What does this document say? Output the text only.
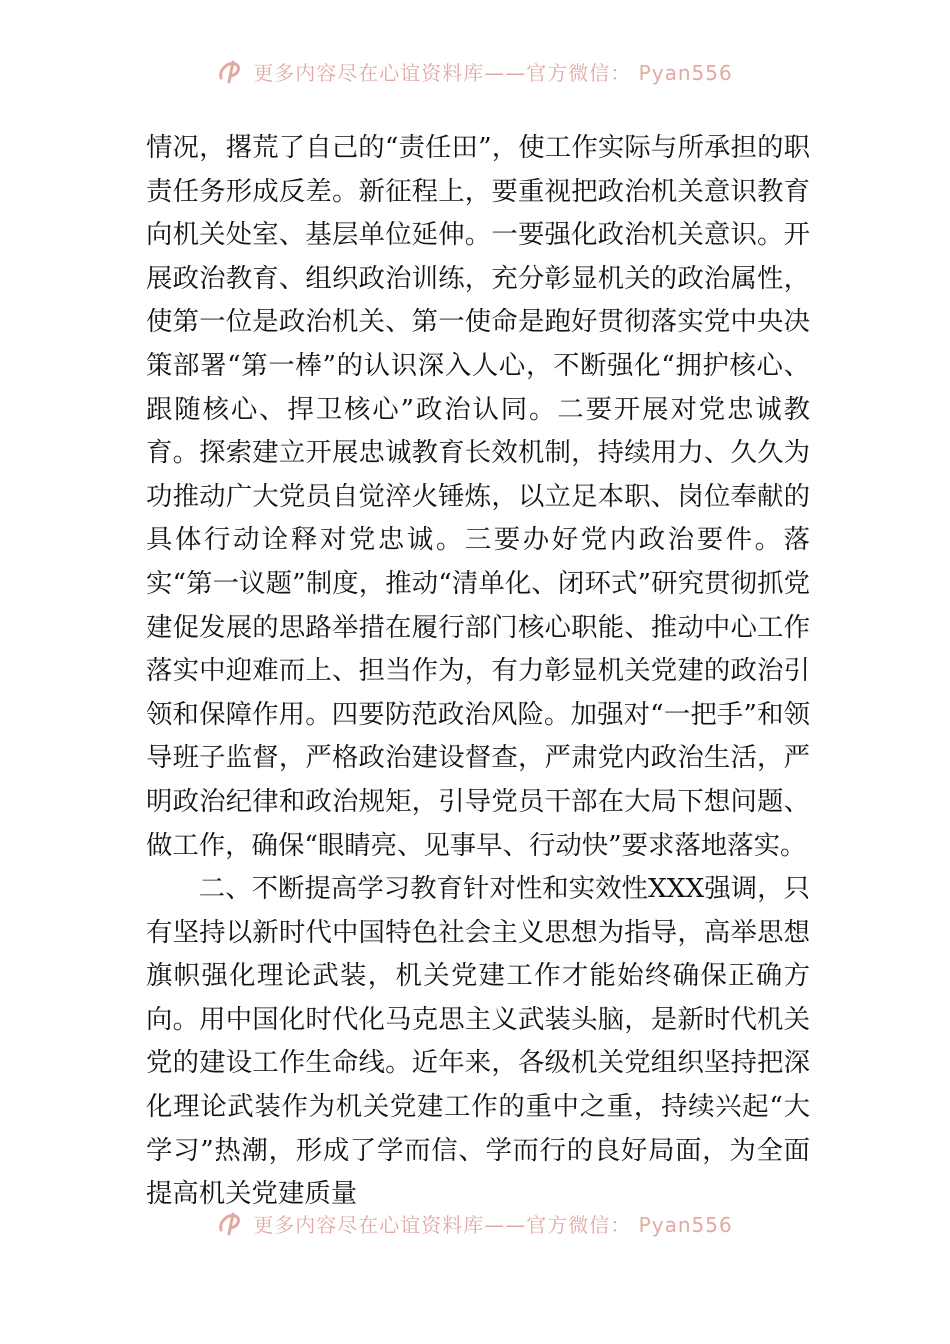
更多内容尽在心谊资料库——官方微信： Pyan556

情况，撂荒了自己的“责任田”，使工作实际与所承担的职责任务形成反差。新征程上，要重视把政治机关意识教育向机关处室、基层单位延伸。一要强化政治机关意识。开展政治教育、组织政治训练，充分彰显机关的政治属性，使第一位是政治机关、第一使命是跑好贯彻落实党中央决策部署“第一棒”的认识深入人心，不断强化“拥护核心、跟随核心、捍卫核心”政治认同。二要开展对党忠诚教育。探索建立开展忠诚教育长效机制，持续用力、久久为功推动广大党员自觉淬火锤炼，以立足本职、岗位奉献的具体行动诠释对党忠诚。三要办好党内政治要件。落实“第一议题”制度，推动“清单化、闭环式”研究贯彻抓党建促发展的思路举措在履行部门核心职能、推动中心工作落实中迎难而上、担当作为，有力彰显机关党建的政治引领和保障作用。四要防范政治风险。加强对“一把手”和领导班子监督，严格政治建设督查，严肃党内政治生活，严明政治纪律和政治规矩，引导党员干部在大局下想问题、做工作，确保“眼睛亮、见事早、行动快”要求落地落实。

二、不断提高学习教育针对性和实效性XXX强调，只有坚持以新时代中国特色社会主义思想为指导，高举思想旗帜强化理论武装，机关党建工作才能始终确保正确方向。用中国化时代化马克思主义武装头脑，是新时代机关党的建设工作生命线。近年来，各级机关党组织坚持把深化理论武装作为机关党建工作的重中之重，持续兴起“大学习”热潮，形成了学而信、学而行的良好局面，为全面提高机关党建质量

更多内容尽在心谊资料库——官方微信： Pyan556
